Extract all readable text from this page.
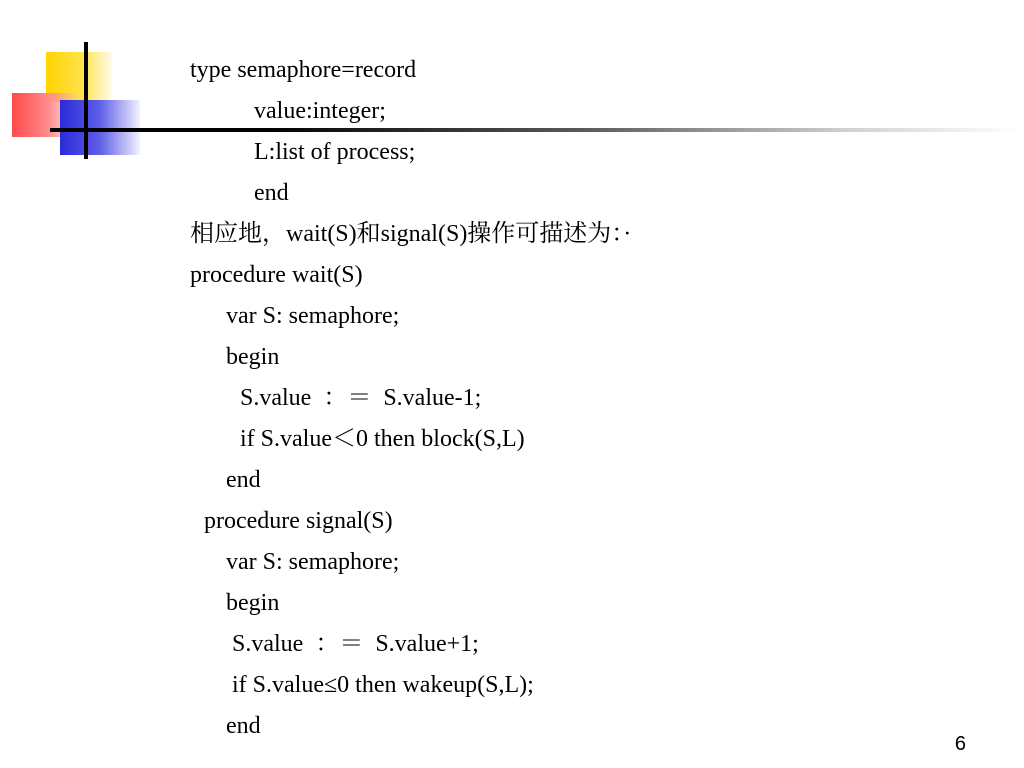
type semaphore=record
value:integer;
L:list of process;
end
相应地，wait(S)和signal(S)操作可描述为：·
procedure wait(S)
var S: semaphore;
begin
S.value  ：＝  S.value-1;
if S.value＜0 then block(S,L)
end
procedure signal(S)
var S: semaphore;
begin
S.value  ：＝  S.value+1;
if S.value≤0 then wakeup(S,L);
end
6
